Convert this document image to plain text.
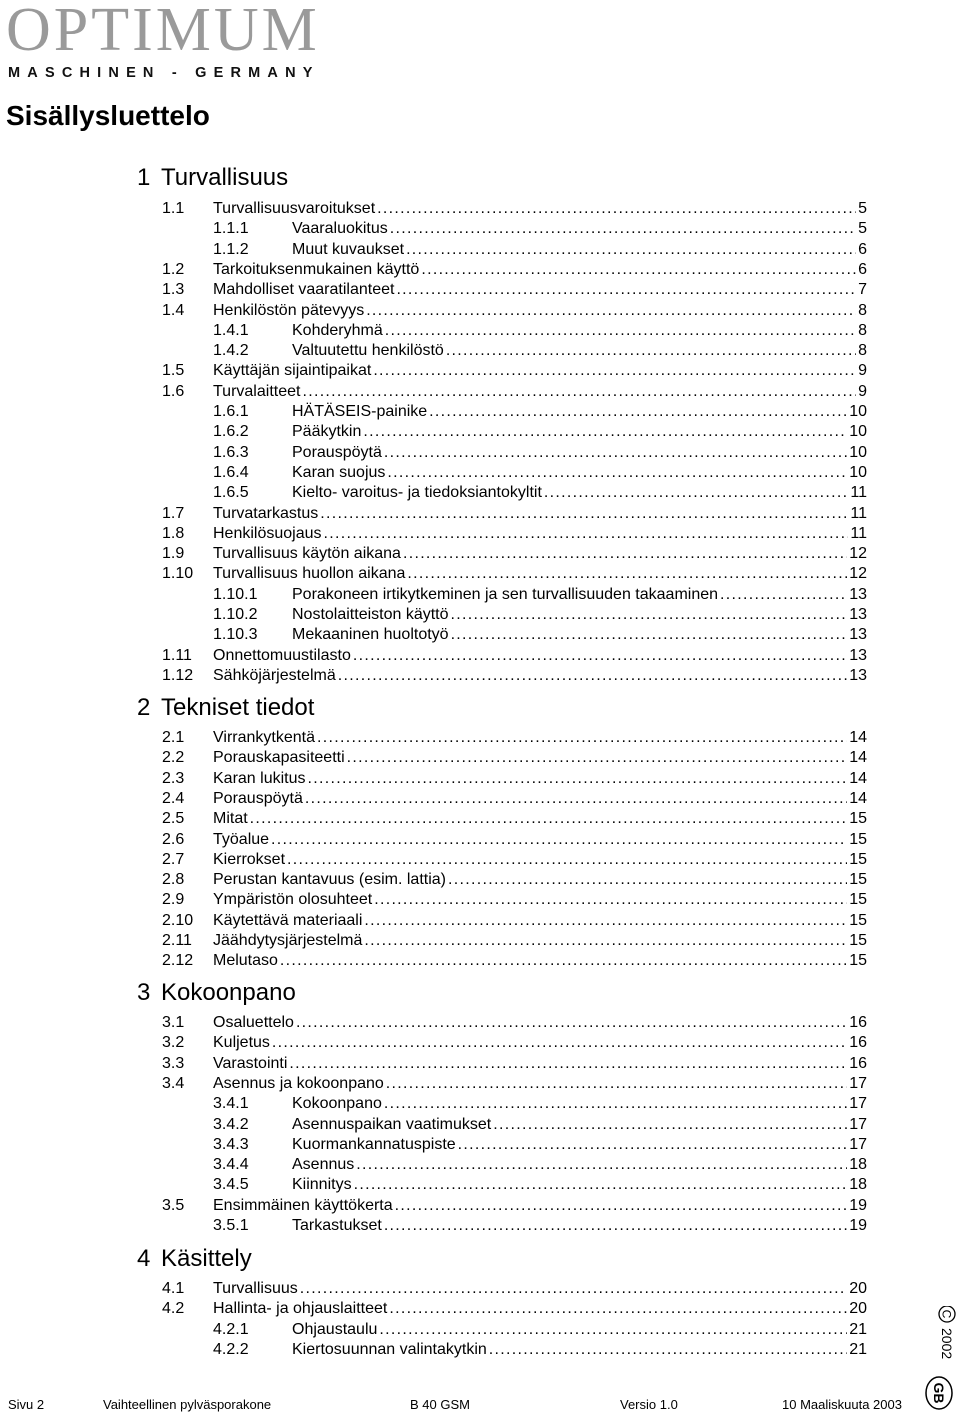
OPTIMUM
MASCHINEN - GERMANY
Sisällysluettelo
1 Turvallisuus
1.1 Turvallisuusvaroitukset .....	5
1.1.1	Vaaraluokitus .....	5
1.1.2	Muut kuvaukset .....	6
1.2 Tarkoituksenmukainen käyttö .....	6
1.3 Mahdolliset vaaratilanteet .....	7
1.4 Henkilöstön pätevyys .....	8
1.4.1	Kohderyhmä .....	8
1.4.2	Valtuutettu henkilöstö .....	8
1.5 Käyttäjän sijaintipaikat .....	9
1.6 Turvalaitteet .....	9
1.6.1	HÄTÄSEIS-painike .....	10
1.6.2	Pääkytkin .....	10
1.6.3	Porauspöytä .....	10
1.6.4	Karan suojus .....	10
1.6.5	Kielto- varoitus- ja tiedoksiantokyltit .....	11
1.7 Turvatarkastus .....	11
1.8 Henkilösuojaus .....	11
1.9 Turvallisuus käytön aikana .....	12
1.10 Turvallisuus huollon aikana .....	12
1.10.1 Porakoneen irtikytkeminen ja sen turvallisuuden takaaminen .....	13
1.10.2 Nostolaitteiston käyttö .....	13
1.10.3 Mekaaninen huoltotyö .....	13
1.11 Onnettomuustilasto .....	13
1.12 Sähköjärjestelmä .....	13
2 Tekniset tiedot
2.1 Virrankytkentä .....	14
2.2 Porauskapasiteetti .....	14
2.3 Karan lukitus .....	14
2.4 Porauspöytä .....	14
2.5 Mitat .....	15
2.6 Työalue .....	15
2.7 Kierrokset .....	15
2.8 Perustan kantavuus (esim. lattia) .....	15
2.9 Ympäristön olosuhteet .....	15
2.10 Käytettävä materiaali .....	15
2.11 Jäähdytysjärjestelmä .....	15
2.12 Melutaso .....	15
3 Kokoonpano
3.1 Osaluettelo .....	16
3.2 Kuljetus .....	16
3.3 Varastointi .....	16
3.4 Asennus ja kokoonpano .....	17
3.4.1	Kokoonpano .....	17
3.4.2	Asennuspaikan vaatimukset .....	17
3.4.3	Kuormankannatuspiste .....	17
3.4.4	Asennus .....	18
3.4.5	Kiinnitys .....	18
3.5 Ensimmäinen käyttökerta .....	19
3.5.1	Tarkastukset .....	19
4 Käsittely
4.1 Turvallisuus .....	20
4.2 Hallinta- ja ohjauslaitteet .....	20
4.2.1	Ohjaustaulu .....	21
4.2.2	Kiertosuunnan valintakytkin .....	21
C
2002
Sivu 2	Vaihteellinen pylväsporakone	B 40 GSM	Versio 1.0	10 Maaliskuuta 2003
GB
